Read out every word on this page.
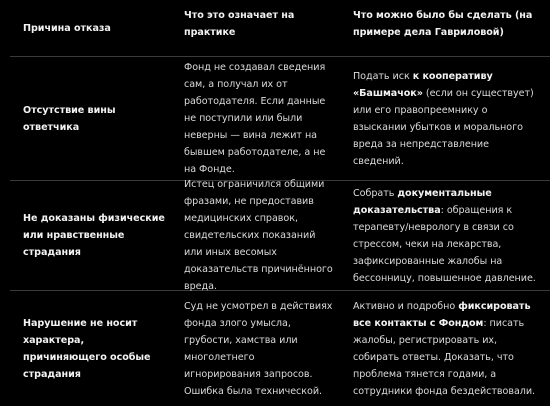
Причина отказа
Что это означает на практике
Что можно было бы сделать (на примере дела Гавриловой)
Отсутствие вины ответчика
Фонд не создавал сведения сам, а получал их от работодателя. Если данные не поступили или были неверны — вина лежит на бывшем работодателе, а не на Фонде.
Подать иск к кооперативу «Башмачок» (если он существует) или его правопреемнику о взыскании убытков и морального вреда за непредставление сведений.
Не доказаны физические или нравственные страдания
Истец ограничился общими фразами, не предоставив медицинских справок, свидетельских показаний или иных весомых доказательств причинённого вреда.
Собрать документальные доказательства: обращения к терапевту/неврологу в связи со стрессом, чеки на лекарства, зафиксированные жалобы на бессонницу, повышенное давление.
Нарушение не носит характера, причиняющего особые страдания
Суд не усмотрел в действиях фонда злого умысла, грубости, хамства или многолетнего игнорирования запросов. Ошибка была технической.
Активно и подробно фиксировать все контакты с Фондом: писать жалобы, регистрировать их, собирать ответы. Доказать, что проблема тянется годами, а сотрудники фонда бездействовали.
